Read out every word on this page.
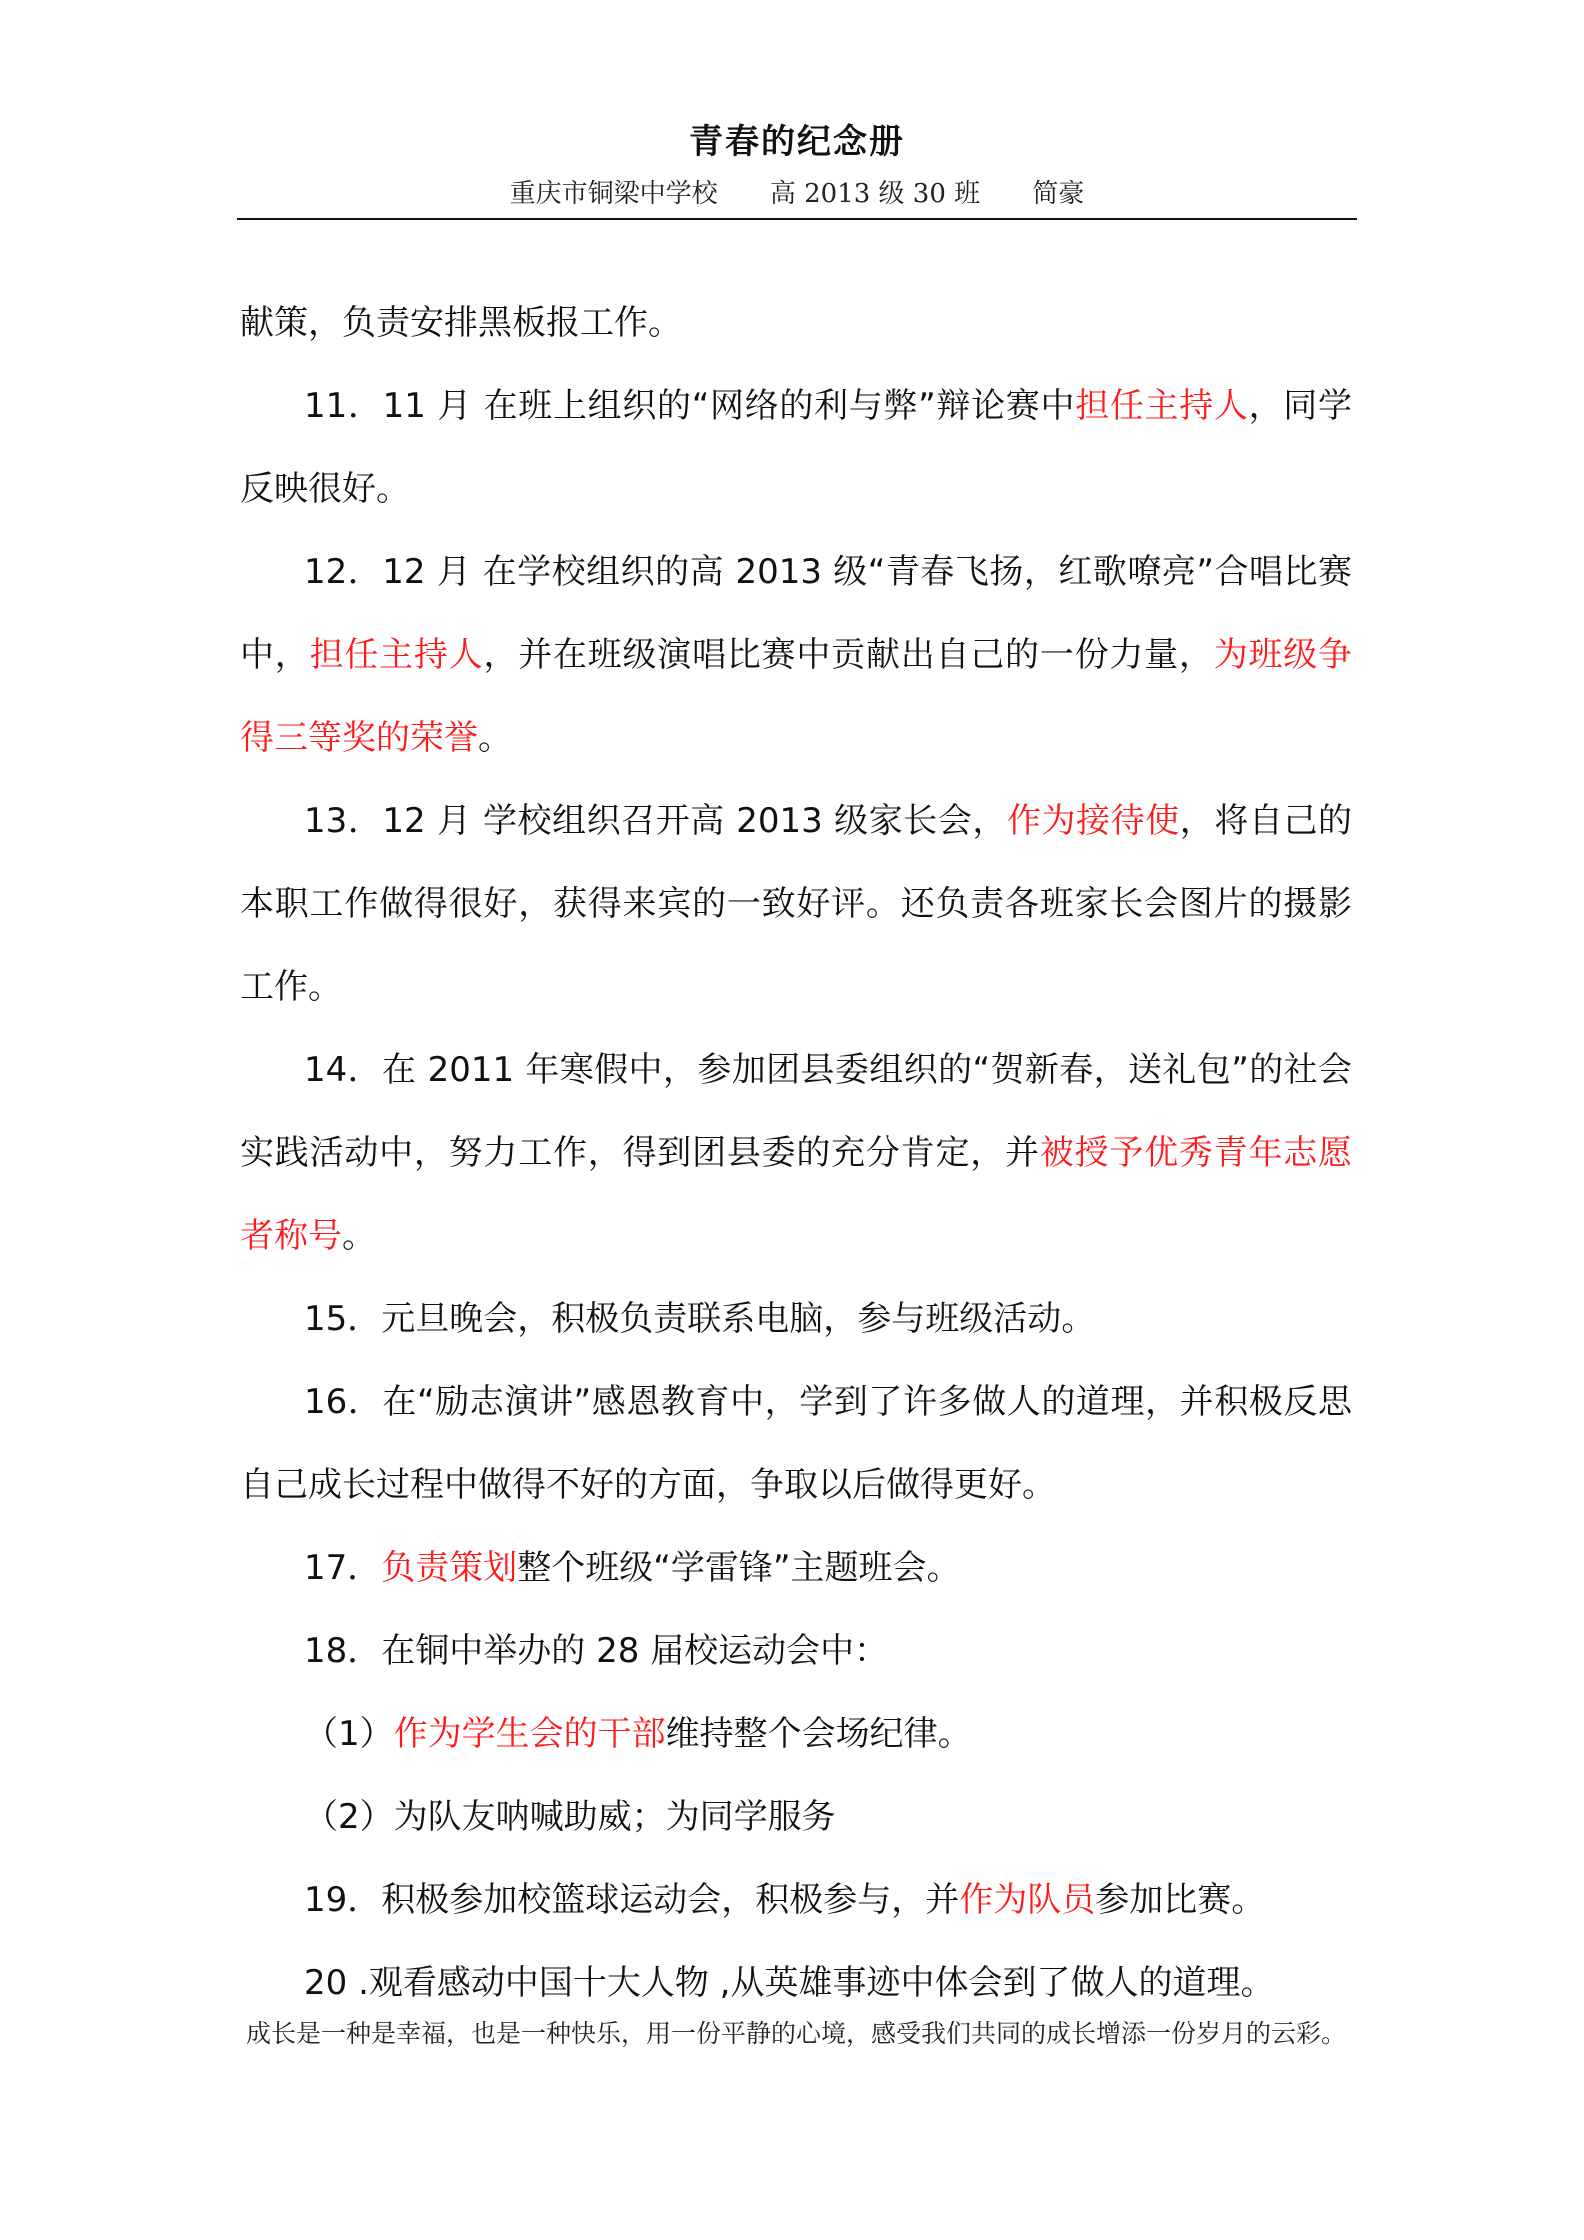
青春的纪念册
重庆市铜梁中学校 高 2013 级 30 班 简豪

献策，负责安排黑板报工作。

11．11 月 在班上组织的“网络的利与弊”辩论赛中担任主持人，同学反映很好。

12．12 月 在学校组织的高 2013 级“青春飞扬，红歌嘹亮”合唱比赛中，担任主持人，并在班级演唱比赛中贡献出自己的一份力量，为班级争得三等奖的荣誉。

13．12 月 学校组织召开高 2013 级家长会，作为接待使，将自己的本职工作做得很好，获得来宾的一致好评。还负责各班家长会图片的摄影工作。

14．在 2011 年寒假中，参加团县委组织的“贺新春，送礼包”的社会实践活动中，努力工作，得到团县委的充分肯定，并被授予优秀青年志愿者称号。

15．元旦晚会，积极负责联系电脑，参与班级活动。

16．在“励志演讲”感恩教育中，学到了许多做人的道理，并积极反思自己成长过程中做得不好的方面，争取以后做得更好。

17．负责策划整个班级“学雷锋”主题班会。

18．在铜中举办的 28 届校运动会中：

（1）作为学生会的干部维持整个会场纪律。

（2）为队友呐喊助威；为同学服务

19．积极参加校篮球运动会，积极参与，并作为队员参加比赛。

20 .观看感动中国十大人物 ,从英雄事迹中体会到了做人的道理。

成长是一种是幸福，也是一种快乐，用一份平静的心境，感受我们共同的成长增添一份岁月的云彩。
